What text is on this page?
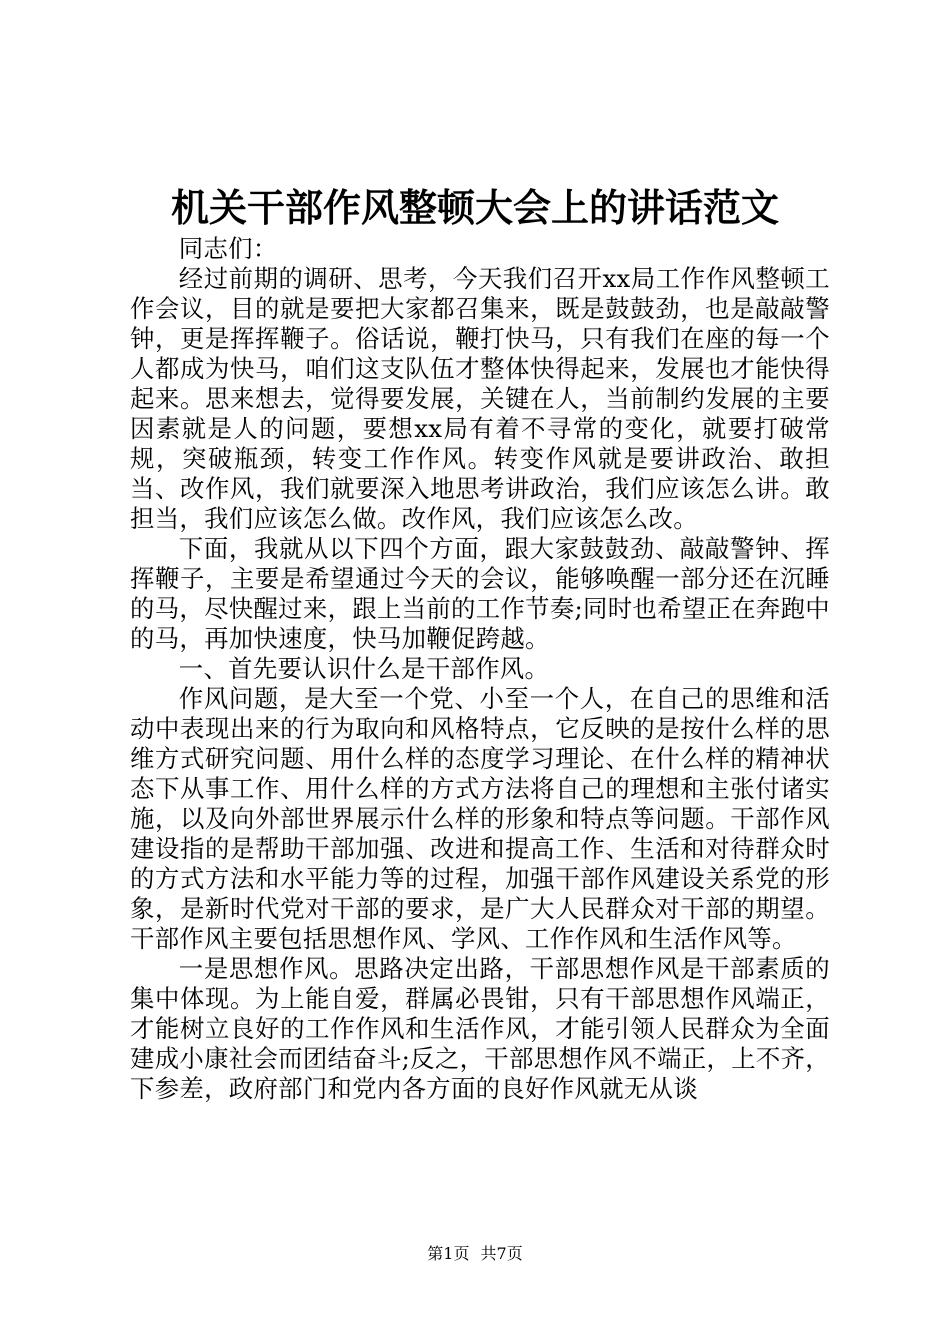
机关干部作风整顿大会上的讲话范文

同志们：

经过前期的调研、思考，今天我们召开xx局工作作风整顿工作会议，目的就是要把大家都召集来，既是鼓鼓劲，也是敲敲警钟，更是挥挥鞭子。俗话说，鞭打快马，只有我们在座的每一个人都成为快马，咱们这支队伍才整体快得起来，发展也才能快得起来。思来想去，觉得要发展，关键在人，当前制约发展的主要因素就是人的问题，要想xx局有着不寻常的变化，就要打破常规，突破瓶颈，转变工作作风。转变作风就是要讲政治、敢担当、改作风，我们就要深入地思考讲政治，我们应该怎么讲。敢担当，我们应该怎么做。改作风，我们应该怎么改。

下面，我就从以下四个方面，跟大家鼓鼓劲、敲敲警钟、挥挥鞭子，主要是希望通过今天的会议，能够唤醒一部分还在沉睡的马，尽快醒过来，跟上当前的工作节奏;同时也希望正在奔跑中的马，再加快速度，快马加鞭促跨越。

一、首先要认识什么是干部作风。

作风问题，是大至一个党、小至一个人，在自己的思维和活动中表现出来的行为取向和风格特点，它反映的是按什么样的思维方式研究问题、用什么样的态度学习理论、在什么样的精神状态下从事工作、用什么样的方式方法将自己的理想和主张付诸实施，以及向外部世界展示什么样的形象和特点等问题。干部作风建设指的是帮助干部加强、改进和提高工作、生活和对待群众时的方式方法和水平能力等的过程，加强干部作风建设关系党的形象，是新时代党对干部的要求，是广大人民群众对干部的期望。干部作风主要包括思想作风、学风、工作作风和生活作风等。

一是思想作风。思路决定出路，干部思想作风是干部素质的集中体现。为上能自爱，群属必畏钳，只有干部思想作风端正，才能树立良好的工作作风和生活作风，才能引领人民群众为全面建成小康社会而团结奋斗;反之，干部思想作风不端正，上不齐，下参差，政府部门和党内各方面的良好作风就无从谈

第1页 共7页
